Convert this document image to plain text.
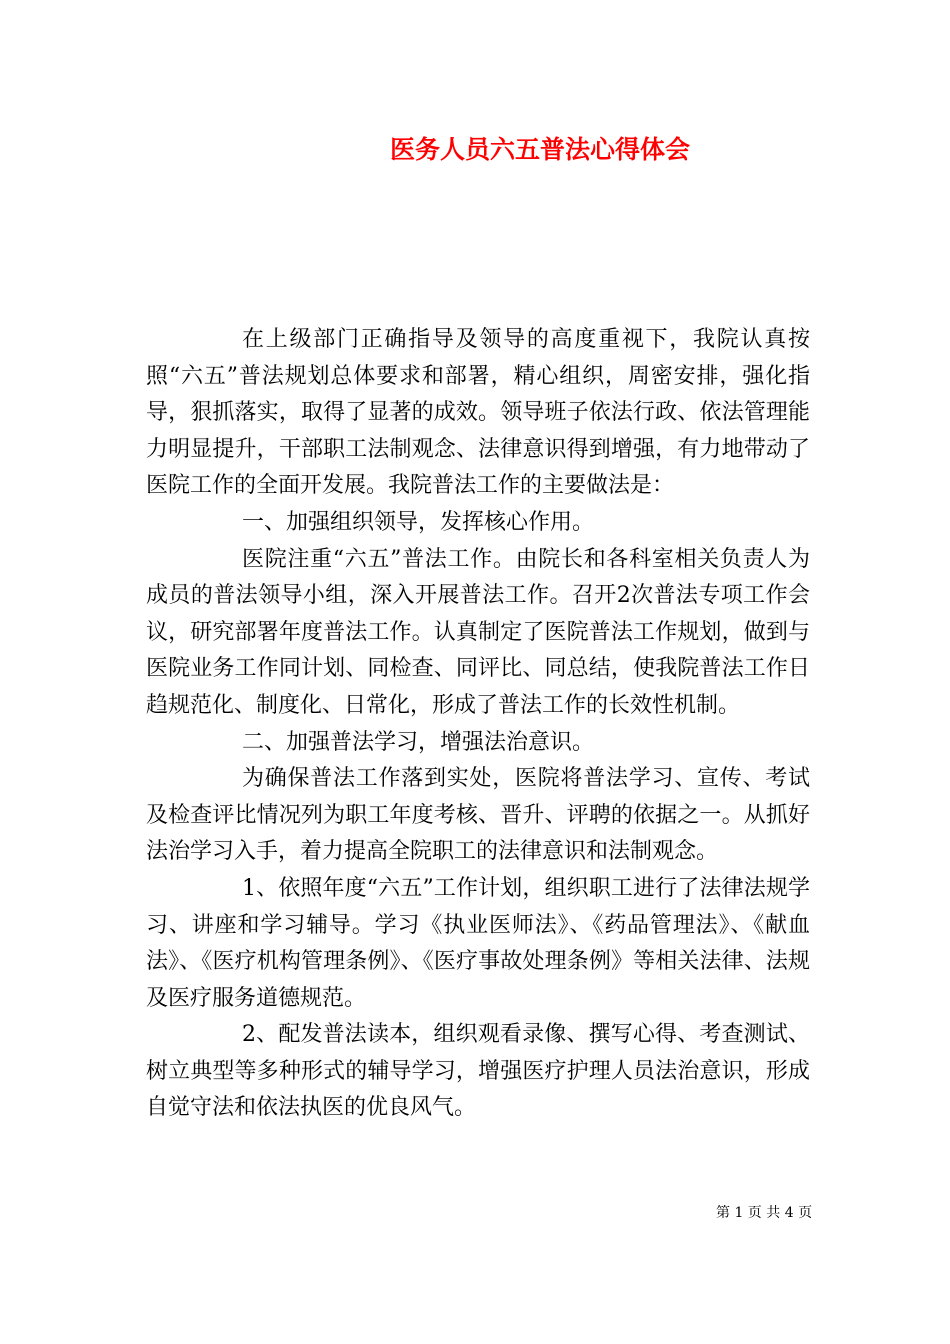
医务人员六五普法心得体会

在上级部门正确指导及领导的高度重视下，我院认真按照“六五”普法规划总体要求和部署，精心组织，周密安排，强化指导，狠抓落实，取得了显著的成效。领导班子依法行政、依法管理能力明显提升，干部职工法制观念、法律意识得到增强，有力地带动了医院工作的全面开发展。我院普法工作的主要做法是：

一、加强组织领导，发挥核心作用。

医院注重“六五”普法工作。由院长和各科室相关负责人为成员的普法领导小组，深入开展普法工作。召开2次普法专项工作会议，研究部署年度普法工作。认真制定了医院普法工作规划，做到与医院业务工作同计划、同检查、同评比、同总结，使我院普法工作日趋规范化、制度化、日常化，形成了普法工作的长效性机制。

二、加强普法学习，增强法治意识。

为确保普法工作落到实处，医院将普法学习、宣传、考试及检查评比情况列为职工年度考核、晋升、评聘的依据之一。从抓好法治学习入手，着力提高全院职工的法律意识和法制观念。

1、依照年度“六五”工作计划，组织职工进行了法律法规学习、讲座和学习辅导。学习《执业医师法》、《药品管理法》、《献血法》、《医疗机构管理条例》、《医疗事故处理条例》等相关法律、法规及医疗服务道德规范。

2、配发普法读本，组织观看录像、撰写心得、考查测试、树立典型等多种形式的辅导学习，增强医疗护理人员法治意识，形成自觉守法和依法执医的优良风气。

第 1 页 共 4 页
